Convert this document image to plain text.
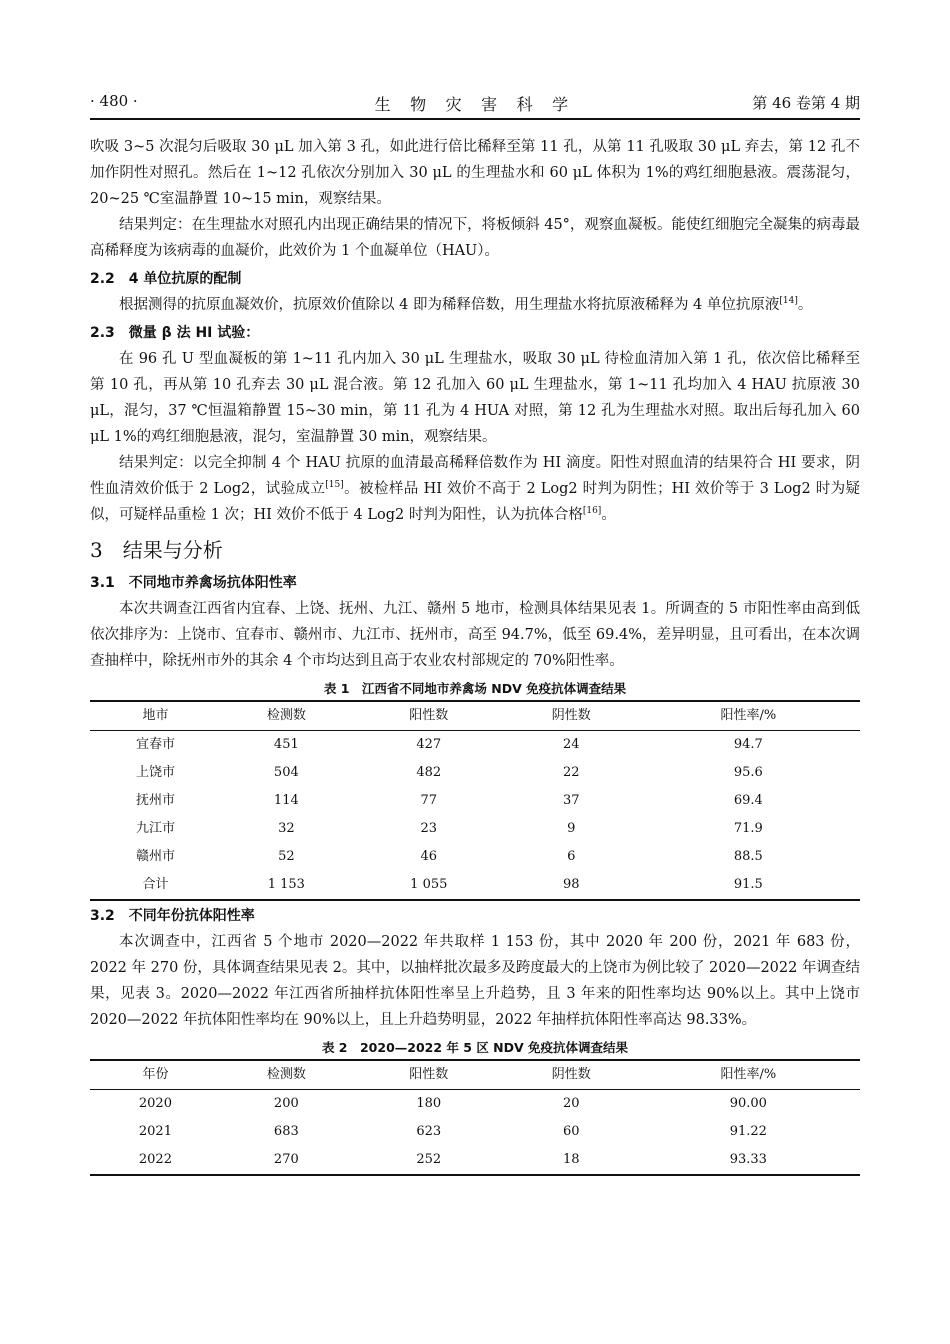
生 物 灾 害 科 学
· 480 ·	第 46 卷第 4 期

吹吸 3~5 次混匀后吸取 30 μL 加入第 3 孔，如此进行倍比稀释至第 11 孔，从第 11 孔吸取 30 μL 弃去，第 12 孔不加作阴性对照孔。然后在 1~12 孔依次分别加入 30 μL 的生理盐水和 60 μL 体积为 1%的鸡红细胞悬液。震荡混匀，20~25 ℃室温静置 10~15 min，观察结果。

结果判定：在生理盐水对照孔内出现正确结果的情况下，将板倾斜 45°，观察血凝板。能使红细胞完全凝集的病毒最高稀释度为该病毒的血凝价，此效价为 1 个血凝单位（HAU）。

2.2　4 单位抗原的配制

根据测得的抗原血凝效价，抗原效价值除以 4 即为稀释倍数，用生理盐水将抗原液稀释为 4 单位抗原液[14]。

2.3　微量 β 法 HI 试验：

在 96 孔 U 型血凝板的第 1~11 孔内加入 30 μL 生理盐水，吸取 30 μL 待检血清加入第 1 孔，依次倍比稀释至第 10 孔，再从第 10 孔弃去 30 μL 混合液。第 12 孔加入 60 μL 生理盐水，第 1~11 孔均加入 4 HAU 抗原液 30 μL，混匀，37 ℃恒温箱静置 15~30 min，第 11 孔为 4 HUA 对照，第 12 孔为生理盐水对照。取出后每孔加入 60 μL 1%的鸡红细胞悬液，混匀，室温静置 30 min，观察结果。

结果判定：以完全抑制 4 个 HAU 抗原的血清最高稀释倍数作为 HI 滴度。阳性对照血清的结果符合 HI 要求，阴性血清效价低于 2 Log2，试验成立[15]。被检样品 HI 效价不高于 2 Log2 时判为阴性；HI 效价等于 3 Log2 时为疑似，可疑样品重检 1 次；HI 效价不低于 4 Log2 时判为阳性，认为抗体合格[16]。

3　结果与分析
3.1　不同地市养禽场抗体阳性率

本次共调查江西省内宜春、上饶、抚州、九江、赣州 5 地市，检测具体结果见表 1。所调查的 5 市阳性率由高到低依次排序为：上饶市、宜春市、赣州市、九江市、抚州市，高至 94.7%，低至 69.4%，差异明显，且可看出，在本次调查抽样中，除抚州市外的其余 4 个市均达到且高于农业农村部规定的 70%阳性率。

表 1　江西省不同地市养禽场 NDV 免疫抗体调查结果
地市	检测数	阳性数	阴性数	阳性率/%
宜春市	451	427	24	94.7
上饶市	504	482	22	95.6
抚州市	114	77	37	69.4
九江市	32	23	9	71.9
赣州市	52	46	6	88.5
合计	1 153	1 055	98	91.5
3.2　不同年份抗体阳性率

本次调查中，江西省 5 个地市 2020—2022 年共取样 1 153 份，其中 2020 年 200 份，2021 年 683 份，2022 年 270 份，具体调查结果见表 2。其中，以抽样批次最多及跨度最大的上饶市为例比较了 2020—2022 年调查结果，见表 3。2020—2022 年江西省所抽样抗体阳性率呈上升趋势，且 3 年来的阳性率均达 90%以上。其中上饶市 2020—2022 年抗体阳性率均在 90%以上，且上升趋势明显，2022 年抽样抗体阳性率高达 98.33%。

表 2　2020—2022 年 5 区 NDV 免疫抗体调查结果
年份	检测数	阳性数	阴性数	阳性率/%
2020	200	180	20	90.00
2021	683	623	60	91.22
2022	270	252	18	93.33
